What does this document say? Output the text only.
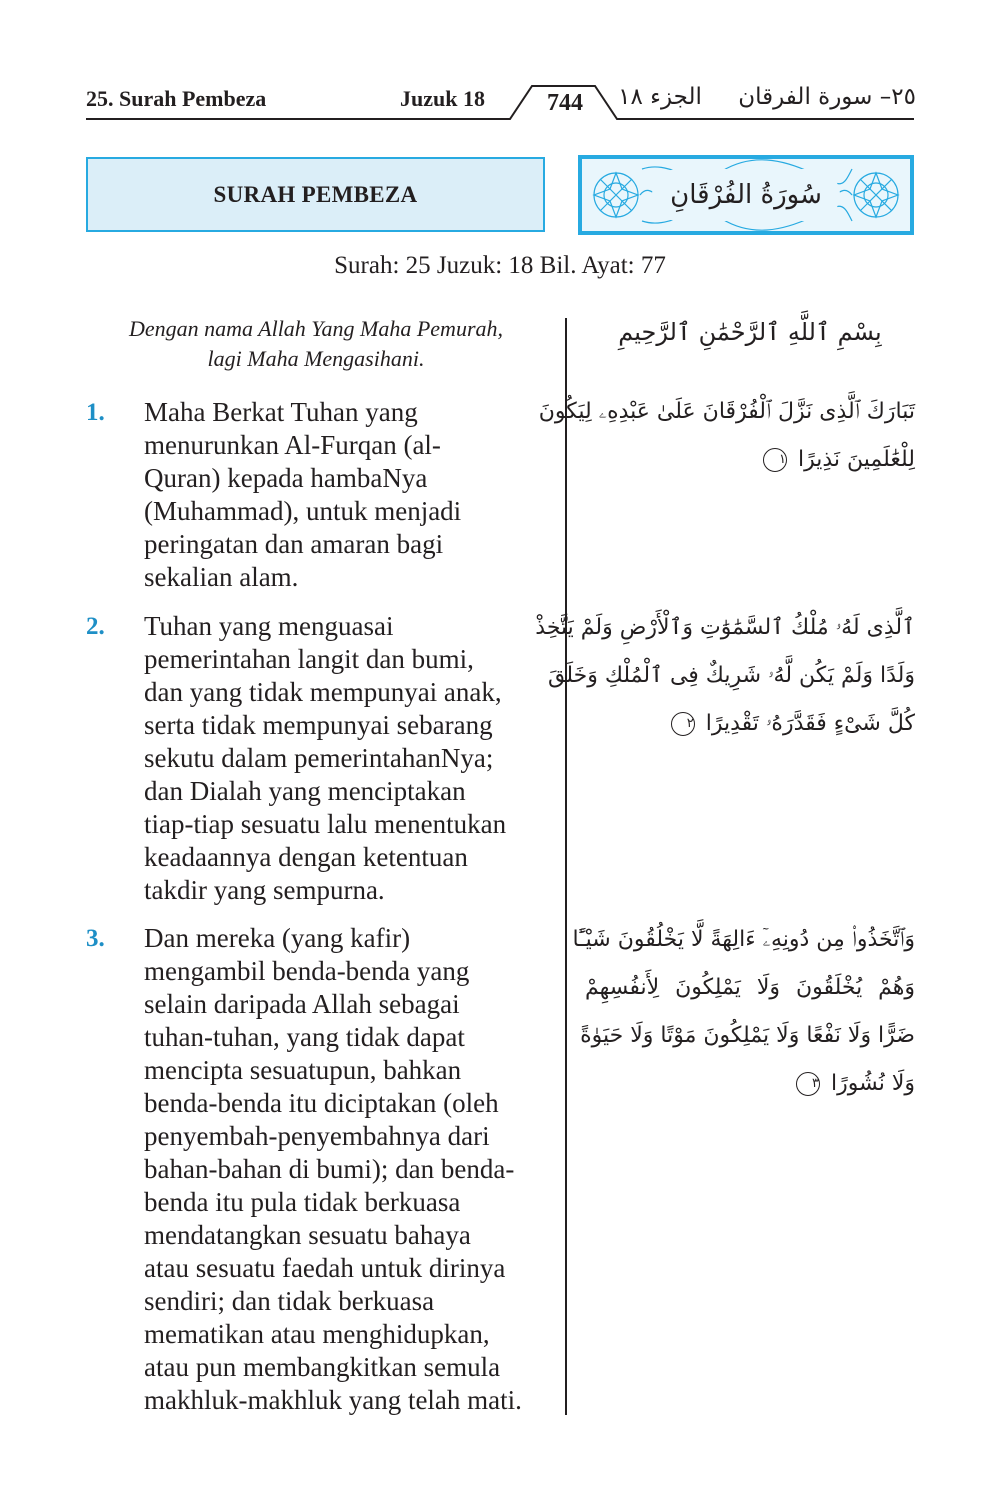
25. Surah Pembeza	Juzuk 18	744	الجزء ١٨	٢٥– سورة الفرقان
SURAH PEMBEZA	سُورَةُ الفُرْقَانِ
Surah: 25 Juzuk: 18 Bil. Ayat: 77
Dengan nama Allah Yang Maha Pemurah,
lagi Maha Mengasihani.
بِسْمِ ٱللَّهِ ٱلرَّحْمَٰنِ ٱلرَّحِيمِ
1. Maha Berkat Tuhan yang
menurunkan Al-Furqan (al-
Quran) kepada hambaNya
(Muhammad), untuk menjadi
peringatan dan amaran bagi
sekalian alam.
تَبَارَكَ ٱلَّذِى نَزَّلَ ٱلْفُرْقَانَ عَلَىٰ عَبْدِهِۦ لِيَكُونَ
لِلْعَٰلَمِينَ نَذِيرًا ١
2. Tuhan yang menguasai
pemerintahan langit dan bumi,
dan yang tidak mempunyai anak,
serta tidak mempunyai sebarang
sekutu dalam pemerintahanNya;
dan Dialah yang menciptakan
tiap-tiap sesuatu lalu menentukan
keadaannya dengan ketentuan
takdir yang sempurna.
ٱلَّذِى لَهُۥ مُلْكُ ٱلسَّمَٰوَٰتِ وَٱلْأَرْضِ وَلَمْ يَتَّخِذْ
وَلَدًا وَلَمْ يَكُن لَّهُۥ شَرِيكٌ فِى ٱلْمُلْكِ وَخَلَقَ
كُلَّ شَىْءٍ فَقَدَّرَهُۥ تَقْدِيرًا ٢
3. Dan mereka (yang kafir)
mengambil benda-benda yang
selain daripada Allah sebagai
tuhan-tuhan, yang tidak dapat
mencipta sesuatupun, bahkan
benda-benda itu diciptakan (oleh
penyembah-penyembahnya dari
bahan-bahan di bumi); dan benda-
benda itu pula tidak berkuasa
mendatangkan sesuatu bahaya
atau sesuatu faedah untuk dirinya
sendiri; dan tidak berkuasa
mematikan atau menghidupkan,
atau pun membangkitkan semula
makhluk-makhluk yang telah mati.
وَٱتَّخَذُوا۟ مِن دُونِهِۦٓ ءَالِهَةً لَّا يَخْلُقُونَ شَيْـًٔا
وَهُمْ يُخْلَقُونَ وَلَا يَمْلِكُونَ لِأَنفُسِهِمْ
ضَرًّا وَلَا نَفْعًا وَلَا يَمْلِكُونَ مَوْتًا وَلَا حَيَوٰةً
وَلَا نُشُورًا ٣
